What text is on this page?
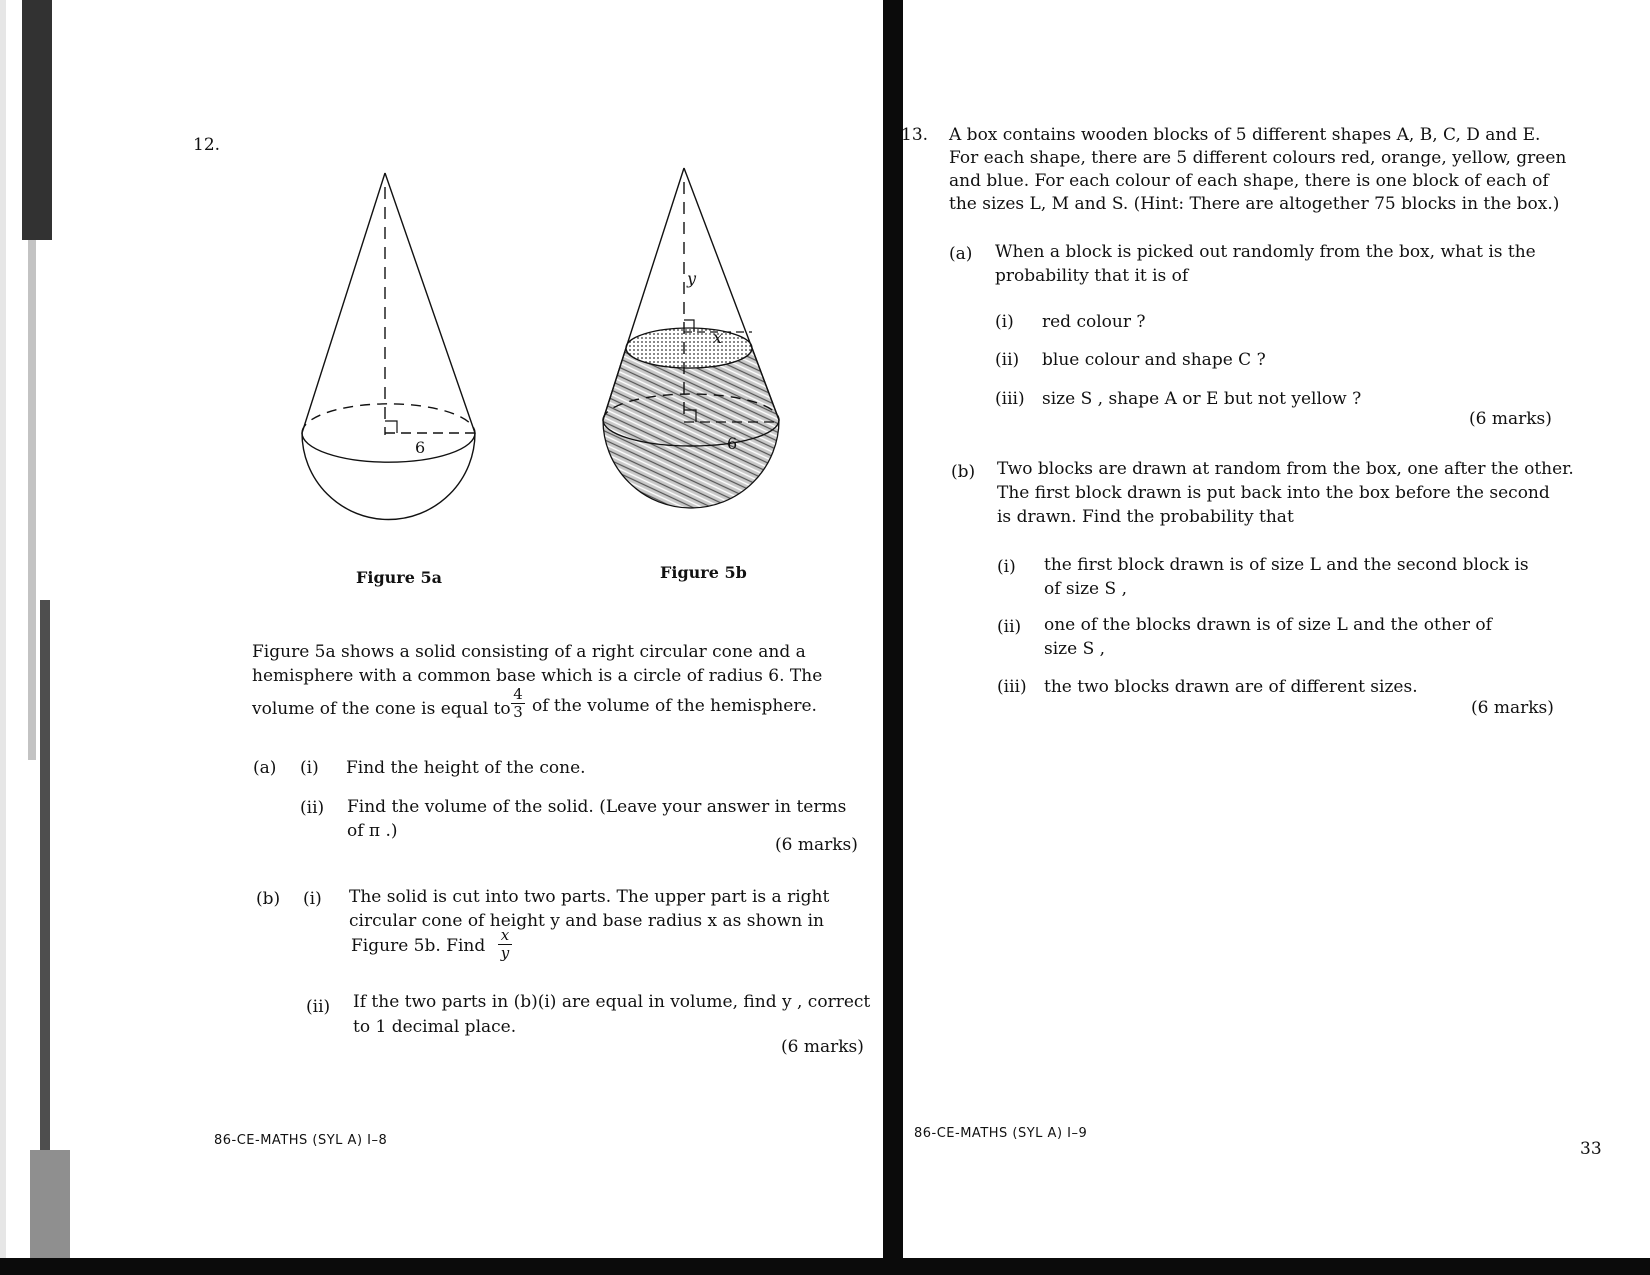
12.
6
Figure 5a
y
x
6
Figure 5b
Figure 5a shows a solid consisting of a right circular cone and a
hemisphere with a common base which is a circle of radius 6. The
volume of the cone is equal to
4
3 of the volume of the hemisphere.
(a) (i) Find the height of the cone.
(ii) Find the volume of the solid. (Leave your answer in terms
of π .)
(6 marks)
(b) (i) The solid is cut into two parts. The upper part is a right
circular cone of height y and base radius x as shown in
Figure 5b. Find
x
y
(ii) If the two parts in (b)(i) are equal in volume, find y , correct
to 1 decimal place.
(6 marks)
86-CE-MATHS (SYL A) I–8
13. A box contains wooden blocks of 5 different shapes A, B, C, D and E.
For each shape, there are 5 different colours red, orange, yellow, green
and blue. For each colour of each shape, there is one block of each of
the sizes L, M and S. (Hint: There are altogether 75 blocks in the box.)
(a) When a block is picked out randomly from the box, what is the
probability that it is of
(i) red colour ?
(ii) blue colour and shape C ?
(iii) size S , shape A or E but not yellow ?
(6 marks)
(b) Two blocks are drawn at random from the box, one after the other.
The first block drawn is put back into the box before the second
is drawn. Find the probability that
(i) the first block drawn is of size L and the second block is
of size S ,
(ii) one of the blocks drawn is of size L and the other of
size S ,
(iii) the two blocks drawn are of different sizes.
(6 marks)
86-CE-MATHS (SYL A) I–9
33
